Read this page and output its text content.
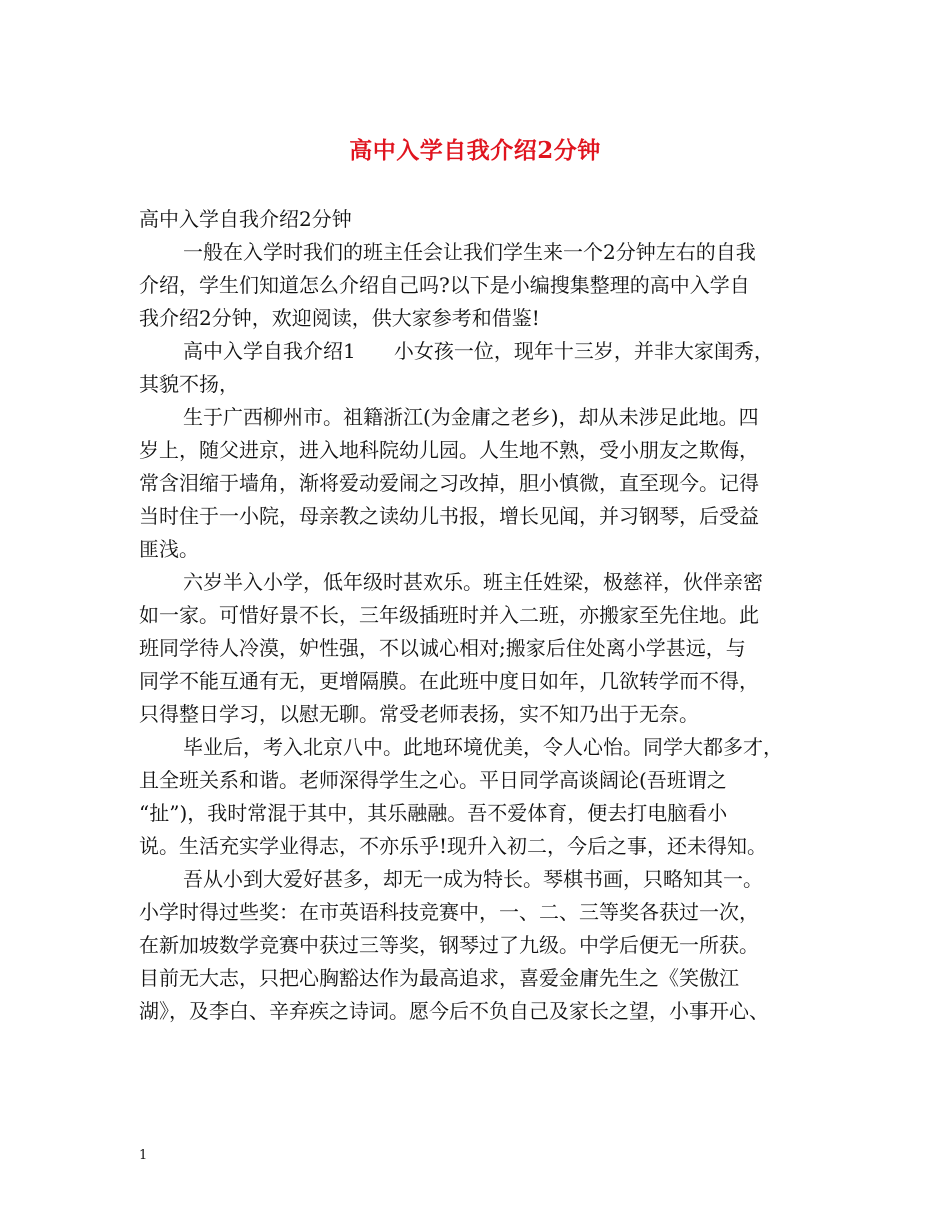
高中入学自我介绍2分钟
高中入学自我介绍2分钟
一般在入学时我们的班主任会让我们学生来一个2分钟左右的自我
介绍，学生们知道怎么介绍自己吗?以下是小编搜集整理的高中入学自
我介绍2分钟，欢迎阅读，供大家参考和借鉴!
高中入学自我介绍1      小女孩一位，现年十三岁，并非大家闺秀，
其貌不扬，
生于广西柳州市。祖籍浙江(为金庸之老乡)，却从未涉足此地。四
岁上，随父进京，进入地科院幼儿园。人生地不熟，受小朋友之欺侮，
常含泪缩于墙角，渐将爱动爱闹之习改掉，胆小慎微，直至现今。记得
当时住于一小院，母亲教之读幼儿书报，增长见闻，并习钢琴，后受益
匪浅。
六岁半入小学，低年级时甚欢乐。班主任姓梁，极慈祥，伙伴亲密
如一家。可惜好景不长，三年级插班时并入二班，亦搬家至先住地。此
班同学待人冷漠，妒性强，不以诚心相对;搬家后住处离小学甚远，与
同学不能互通有无，更增隔膜。在此班中度日如年，几欲转学而不得，
只得整日学习，以慰无聊。常受老师表扬，实不知乃出于无奈。
毕业后，考入北京八中。此地环境优美，令人心怡。同学大都多才，
且全班关系和谐。老师深得学生之心。平日同学高谈阔论(吾班谓之
“扯”)，我时常混于其中，其乐融融。吾不爱体育，便去打电脑看小
说。生活充实学业得志，不亦乐乎!现升入初二，今后之事，还未得知。
吾从小到大爱好甚多，却无一成为特长。琴棋书画，只略知其一。
小学时得过些奖：在市英语科技竞赛中，一、二、三等奖各获过一次，
在新加坡数学竞赛中获过三等奖，钢琴过了九级。中学后便无一所获。
目前无大志，只把心胸豁达作为最高追求，喜爱金庸先生之《笑傲江
湖》，及李白、辛弃疾之诗词。愿今后不负自己及家长之望，小事开心、
1
